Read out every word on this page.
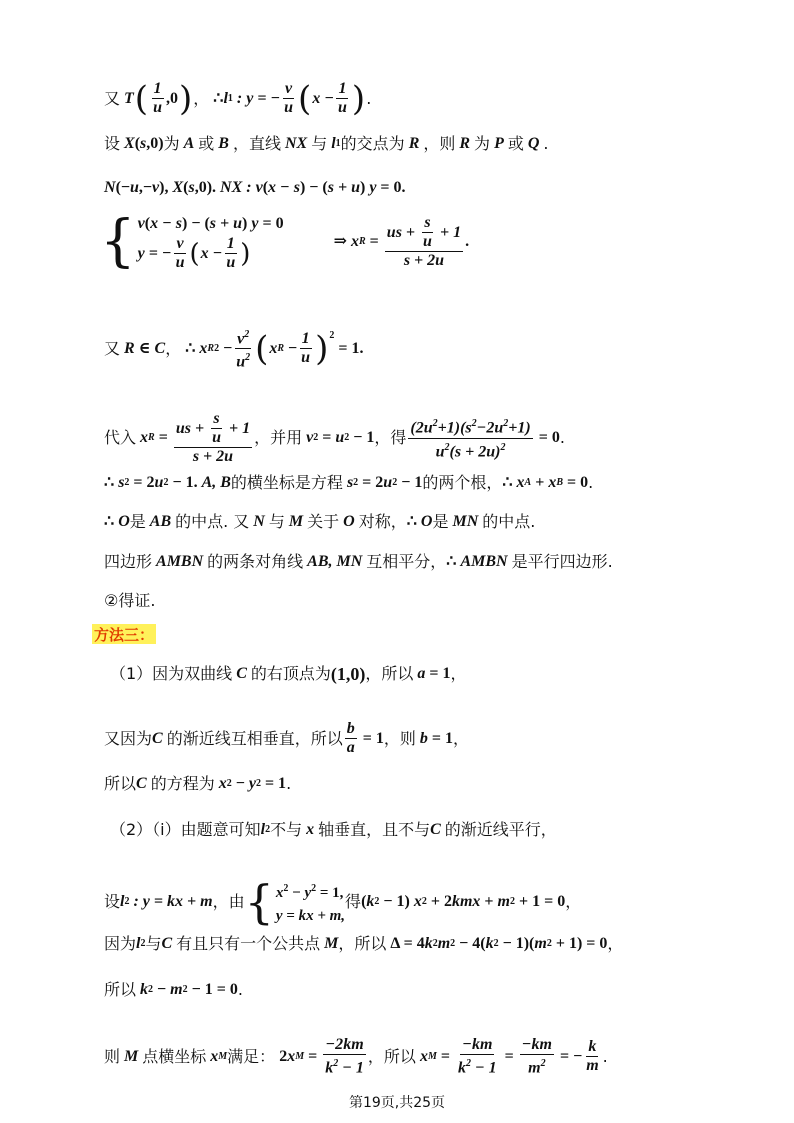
又 T ( $\frac{1}{u} ,0$ ) ， ∴ l 1 : y = − $\frac{v}{u}$ ( $x - \frac{1}{u}$ ) .
设 X ( s ,0) 为 A 或 B ，直线 NX 与 l 1 的交点为 R ，则 R 为 P 或 Q .
N (− u ,− v ), X ( s ,0). NX : v ( x − s ) − ( s + u ) y = 0.
{ v(x − s) − (s + u) y = 0
y = − $\frac{v}{u}$ ( $x - \frac{1}{u}$ )	⇒ x $R = \frac{us + \frac{s}{u} + 1}{s + 2u}$ .
又 R ∈ C ， ∴ x R $2 - \frac{v^2}{u^2}$ ( x $R - \frac{1}{u} )^2$
= 1.
代入 x $R = \frac{us + \frac{s}{u} + 1}{s + 2u}$ ，并用 v 2 = u 2 − 1 ，得 $\frac{(2u^2+1)(s^2-2u^2+1)}{u^2(s + 2u)^2} = 0$ .
∴ s 2 = 2 u 2 − 1. A, B 的横坐标是方程 s 2 = 2 u 2 − 1 的两个根， ∴ x A + x B = 0 .
∴ O 是 AB 的中点. 又 N 与 M 关于 O 对称， ∴ O 是 MN 的中点.
四边形 AMBN 的两条对角线 AB, MN 互相平分， ∴ AMBN 是平行四边形.
②得证.
方法三：
（1）因为双曲线 C 的右顶点为 (1,0) ，所以 a = 1 ，
又因为 C 的渐近线互相垂直，所以 $\frac{b}{a} = 1$ ，则 b = 1 ，
所以 C 的方程为 x 2 − y 2 = 1 .
（2）（i）由题意可知 l 2 不与 x 轴垂直，且不与 C 的渐近线平行，
设 l 2 : y = kx + m ，由 { $x^2 - y^2 = 1$,
y = kx + m,
得 ( k 2 − 1) x 2 + 2 kmx + m 2 + 1 = 0 ，
因为 l 2 与 C 有且只有一个公共点 M ，所以 Δ = 4 k 2 m 2 − 4( k 2 − 1)( m 2 + 1) = 0 ，
所以 k 2 − m 2 − 1 = 0 .
则 M 点横坐标 x M 满足： 2 x $M = \frac{-2km}{k^2 - 1}$ ，所以 x $M = \frac{-km}{k^2 - 1} = \frac{-km}{m^2}$ = − $\frac{k}{m}$ .
第19页,共25页
